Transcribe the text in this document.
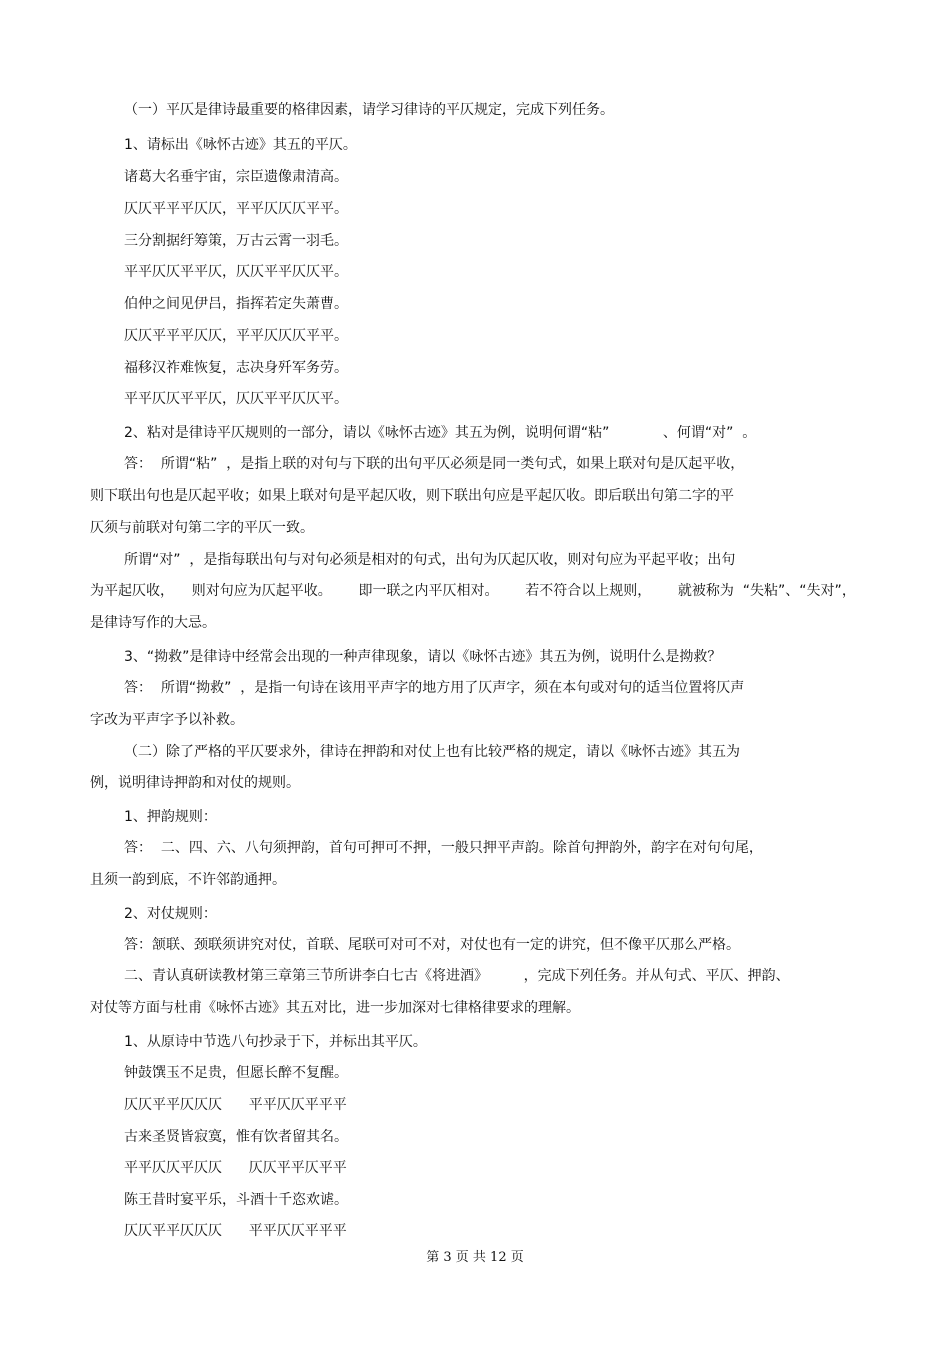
（一）平仄是律诗最重要的格律因素，请学习律诗的平仄规定，完成下列任务。

1、请标出《咏怀古迹》其五的平仄。

诸葛大名垂宇宙，宗臣遗像肃清高。

仄仄平平平仄仄，平平仄仄仄平平。

三分割据纡筹策，万古云霄一羽毛。

平平仄仄平平仄，仄仄平平仄仄平。

伯仲之间见伊吕，指挥若定失萧曹。

仄仄平平平仄仄，平平仄仄仄平平。

福移汉祚难恢复，志决身歼军务劳。

平平仄仄平平仄，仄仄平平仄仄平。

2、粘对是律诗平仄规则的一部分，请以《咏怀古迹》其五为例，说明何谓“粘”            、何谓“对”  。

答：  所谓“粘”  ，是指上联的对句与下联的出句平仄必须是同一类句式，如果上联对句是仄起平收，

则下联出句也是仄起平收；如果上联对句是平起仄收，则下联出句应是平起仄收。即后联出句第二字的平

仄须与前联对句第二字的平仄一致。

所谓“对”  ，是指每联出句与对句必须是相对的句式，出句为仄起仄收，则对句应为平起平收；出句

为平起仄收，    则对句应为仄起平收。      即一联之内平仄相对。      若不符合以上规则，      就被称为  “失粘”、“失对”，

是律诗写作的大忌。

3、“拗救”是律诗中经常会出现的一种声律现象，请以《咏怀古迹》其五为例，说明什么是拗救？

答：  所谓“拗救”  ，是指一句诗在该用平声字的地方用了仄声字，须在本句或对句的适当位置将仄声

字改为平声字予以补救。

（二）除了严格的平仄要求外，律诗在押韵和对仗上也有比较严格的规定，请以《咏怀古迹》其五为

例，说明律诗押韵和对仗的规则。

1、押韵规则：

答：  二、四、六、八句须押韵，首句可押可不押，一般只押平声韵。除首句押韵外，韵字在对句句尾，

且须一韵到底，不许邻韵通押。

2、对仗规则：

答：颔联、颈联须讲究对仗，首联、尾联可对可不对，对仗也有一定的讲究，但不像平仄那么严格。

二、青认真研读教材第三章第三节所讲李白七古《将进酒》        ，完成下列任务。并从句式、平仄、押韵、

对仗等方面与杜甫《咏怀古迹》其五对比，进一步加深对七律格律要求的理解。

1、从原诗中节选八句抄录于下，并标出其平仄。

钟鼓馔玉不足贵，但愿长醉不复醒。

仄仄平平仄仄仄      平平仄仄平平平

古来圣贤皆寂寞，惟有饮者留其名。

平平仄仄平仄仄      仄仄平平仄平平

陈王昔时宴平乐，斗酒十千恣欢谑。

仄仄平平仄仄仄      平平仄仄平平平

第 3 页 共 12 页
